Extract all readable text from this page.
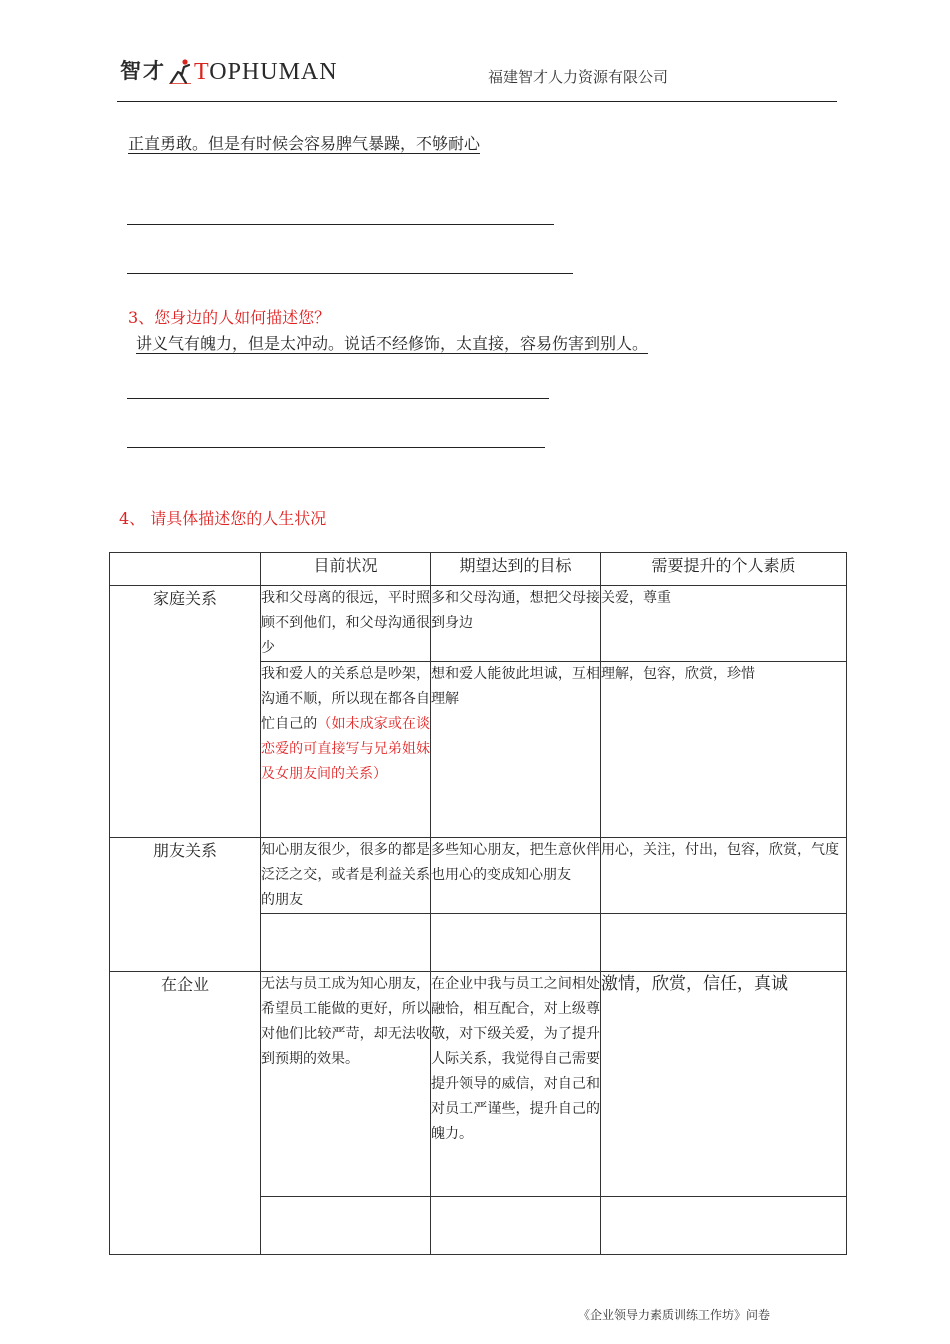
智才 TOPHUMAN	福建智才人力资源有限公司
正直勇敢。但是有时候会容易脾气暴躁，不够耐心
3、您身边的人如何描述您？
讲义气有魄力，但是太冲动。说话不经修饰，太直接，容易伤害到别人。
4、 请具体描述您的人生状况
	目前状况	期望达到的目标	需要提升的个人素质
家庭关系	我和父母离的很远，平时照顾不到他们，和父母沟通很少	多和父母沟通，想把父母接到身边	关爱，尊重
	我和爱人的关系总是吵架，沟通不顺，所以现在都各自忙自己的（如未成家或在谈恋爱的可直接写与兄弟姐妹及女朋友间的关系）	想和爱人能彼此坦诚，互相理解	理解，包容，欣赏，珍惜
朋友关系	知心朋友很少，很多的都是泛泛之交，或者是利益关系的朋友	多些知心朋友，把生意伙伴也用心的变成知心朋友	用心，关注，付出，包容，欣赏，气度

在企业	无法与员工成为知心朋友，希望员工能做的更好，所以对他们比较严苛，却无法收到预期的效果。	在企业中我与员工之间相处融恰，相互配合，对上级尊敬，对下级关爱，为了提升人际关系，我觉得自己需要提升领导的威信，对自己和对员工严谨些，提升自己的魄力。	激情，欣赏，信任，真诚

《企业领导力素质训练工作坊》问卷
